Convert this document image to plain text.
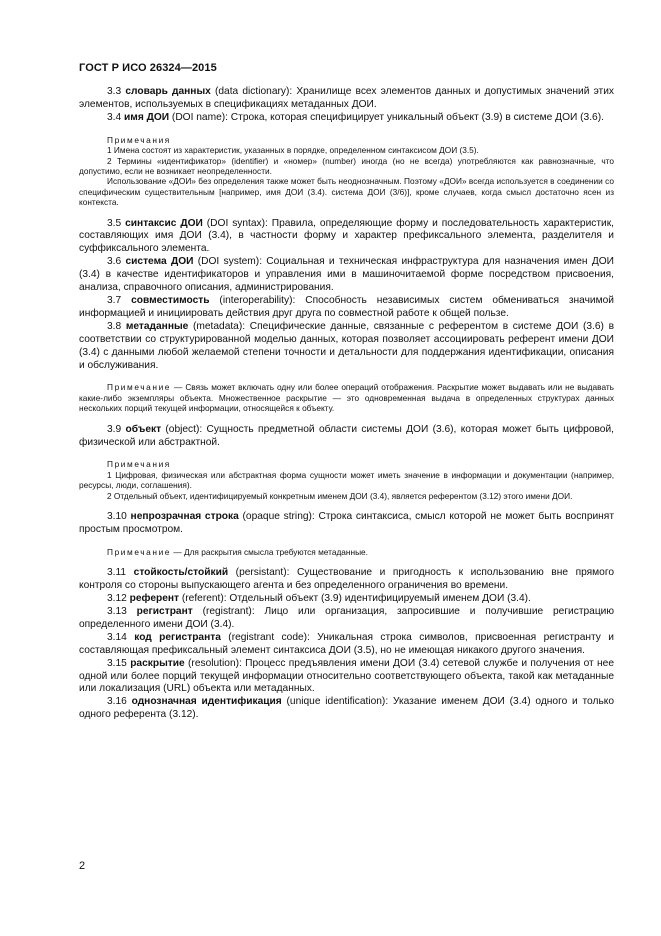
ГОСТ Р ИСО 26324—2015

3.3 словарь данных (data dictionary): Хранилище всех элементов данных и допустимых значений этих элементов, используемых в спецификациях метаданных ДОИ.

3.4 имя ДОИ (DOI name): Строка, которая специфицирует уникальный объект (3.9) в системе ДОИ (3.6).

Примечания

1 Имена состоят из характеристик, указанных в порядке, определенном синтаксисом ДОИ (3.5).

2 Термины «идентификатор» (identifier) и «номер» (number) иногда (но не всегда) употребляются как равнозначные, что допустимо, если не возникает неопределенности.

Использование «ДОИ» без определения также может быть неоднозначным. Поэтому «ДОИ» всегда используется в соединении со специфическим существительным [например, имя ДОИ (3.4). система ДОИ (3/6)], кроме случаев, когда смысл достаточно ясен из контекста.

3.5 синтаксис ДОИ (DOI syntax): Правила, определяющие форму и последовательность характеристик, составляющих имя ДОИ (3.4), в частности форму и характер префиксального элемента, разделителя и суффиксального элемента.

3.6 система ДОИ (DOI system): Социальная и техническая инфраструктура для назначения имен ДОИ (3.4) в качестве идентификаторов и управления ими в машиночитаемой форме посредством присвоения, анализа, справочного описания, администрирования.

3.7 совместимость (interoperability): Способность независимых систем обмениваться значимой информацией и инициировать действия друг друга по совместной работе к общей пользе.

3.8 метаданные (metadata): Специфические данные, связанные с референтом в системе ДОИ (3.6) в соответствии со структурированной моделью данных, которая позволяет ассоциировать референт имени ДОИ (3.4) с данными любой желаемой степени точности и детальности для поддержания идентификации, описания и обслуживания.

Примечание — Связь может включать одну или более операций отображения. Раскрытие может выдавать или не выдавать какие-либо экземпляры объекта. Множественное раскрытие — это одновременная выдача в определенных структурах данных нескольких порций текущей информации, относящейся к объекту.

3.9 объект (object): Сущность предметной области системы ДОИ (3.6), которая может быть цифровой, физической или абстрактной.

Примечания

1 Цифровая, физическая или абстрактная форма сущности может иметь значение в информации и документации (например, ресурсы, люди, соглашения).

2 Отдельный объект, идентифицируемый конкретным именем ДОИ (3.4), является референтом (3.12) этого имени ДОИ.

3.10 непрозрачная строка (opaque string): Строка синтаксиса, смысл которой не может быть воспринят простым просмотром.

Примечание — Для раскрытия смысла требуются метаданные.

3.11 стойкость/стойкий (persistant): Существование и пригодность к использованию вне прямого контроля со стороны выпускающего агента и без определенного ограничения во времени.

3.12 референт (referent): Отдельный объект (3.9) идентифицируемый именем ДОИ (3.4).

3.13 регистрант (registrant): Лицо или организация, запросившие и получившие регистрацию определенного имени ДОИ (3.4).

3.14 код регистранта (registrant code): Уникальная строка символов, присвоенная регистранту и составляющая префиксальный элемент синтаксиса ДОИ (3.5), но не имеющая никакого другого значения.

3.15 раскрытие (resolution): Процесс предъявления имени ДОИ (3.4) сетевой службе и получения от нее одной или более порций текущей информации относительно соответствующего объекта, такой как метаданные или локализация (URL) объекта или метаданных.

3.16 однозначная идентификация (unique identification): Указание именем ДОИ (3.4) одного и только одного референта (3.12).

2
